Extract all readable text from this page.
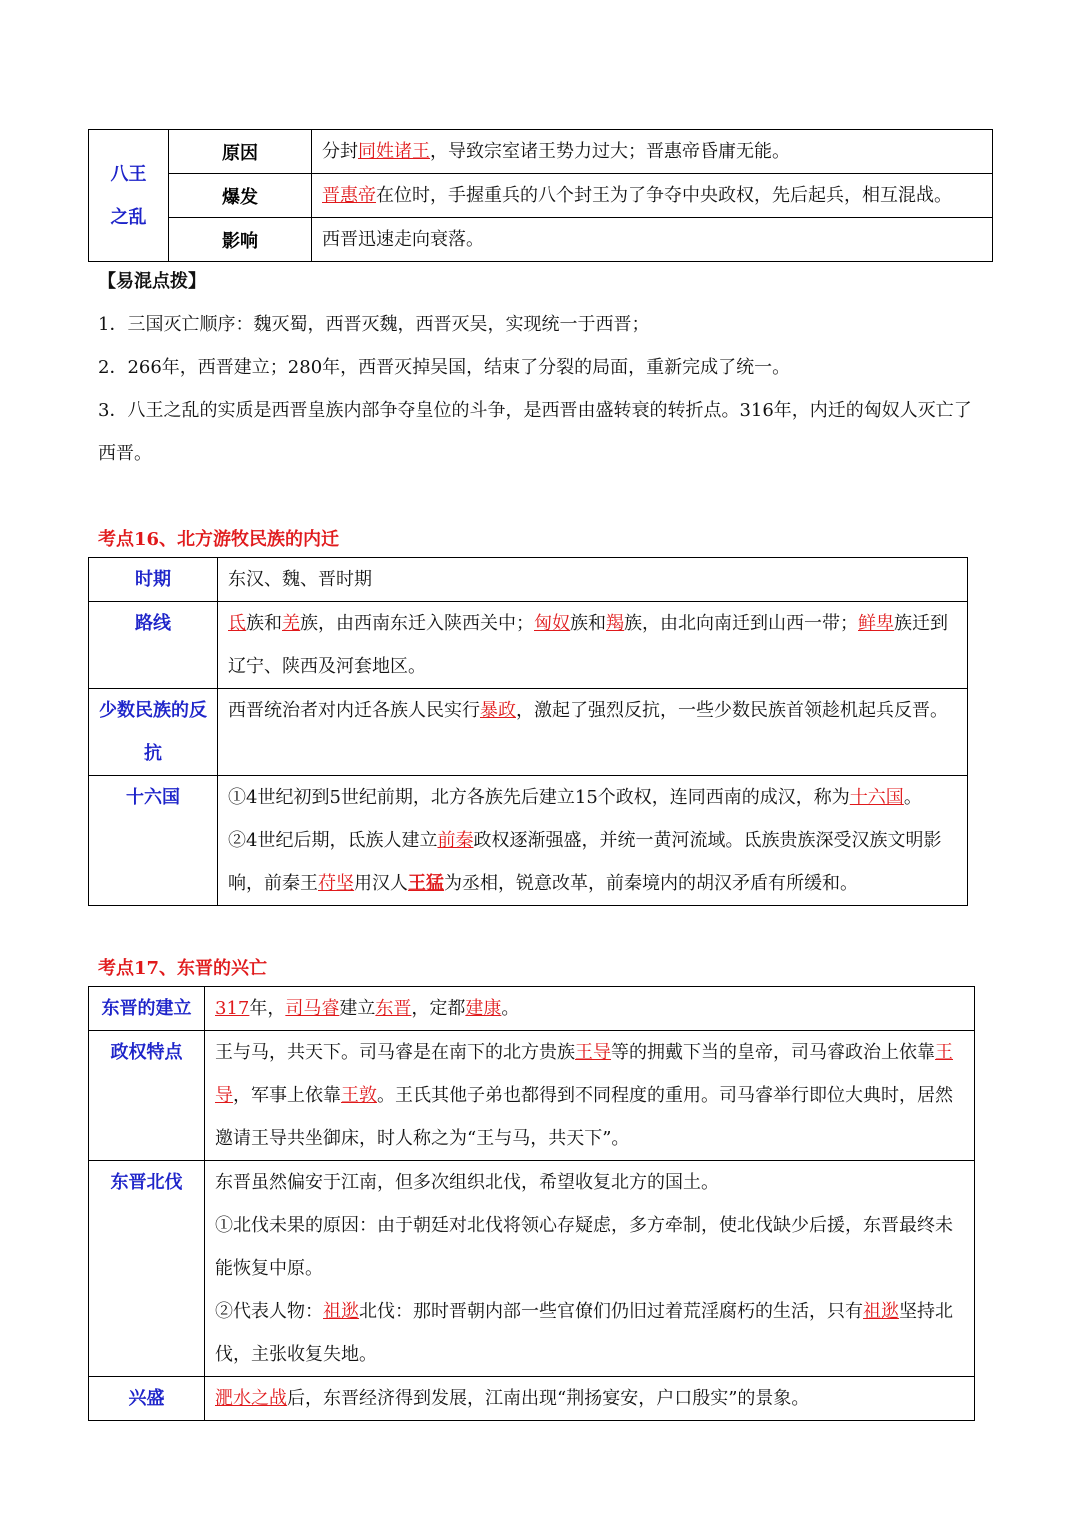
八王
之乱	原因	分封同姓诸王，导致宗室诸王势力过大；晋惠帝昏庸无能。
	爆发	晋惠帝在位时，手握重兵的八个封王为了争夺中央政权，先后起兵，相互混战。
	影响	西晋迅速走向衰落。
【易混点拨】
1．三国灭亡顺序：魏灭蜀，西晋灭魏，西晋灭吴，实现统一于西晋；
2．266年，西晋建立；280年，西晋灭掉吴国，结束了分裂的局面，重新完成了统一。
3．八王之乱的实质是西晋皇族内部争夺皇位的斗争，是西晋由盛转衰的转折点。316年，内迁的匈奴人灭亡了西晋。
考点16、北方游牧民族的内迁
时期	东汉、魏、晋时期

路线	氐族和羌族，由西南东迁入陕西关中；匈奴族和羯族，由北向南迁到山西一带；鲜卑族迁到辽宁、陕西及河套地区。

少数民族的反抗	西晋统治者对内迁各族人民实行暴政，激起了强烈反抗，一些少数民族首领趁机起兵反晋。

十六国	①4世纪初到5世纪前期，北方各族先后建立15个政权，连同西南的成汉，称为十六国。
②4世纪后期，氐族人建立前秦政权逐渐强盛，并统一黄河流域。氐族贵族深受汉族文明影响，前秦王苻坚用汉人王猛为丞相，锐意改革，前秦境内的胡汉矛盾有所缓和。
考点17、东晋的兴亡
东晋的建立	317年，司马睿建立东晋，定都建康。

政权特点	王与马，共天下。司马睿是在南下的北方贵族王导等的拥戴下当的皇帝，司马睿政治上依靠王导，军事上依靠王敦。王氏其他子弟也都得到不同程度的重用。司马睿举行即位大典时，居然邀请王导共坐御床，时人称之为“王与马，共天下”。

东晋北伐	东晋虽然偏安于江南，但多次组织北伐，希望收复北方的国土。
①北伐未果的原因：由于朝廷对北伐将领心存疑虑，多方牵制，使北伐缺少后援，东晋最终未能恢复中原。
②代表人物：祖逖北伐：那时晋朝内部一些官僚们仍旧过着荒淫腐朽的生活，只有祖逖坚持北伐，主张收复失地。

兴盛	淝水之战后，东晋经济得到发展，江南出现“荆扬宴安，户口殷实”的景象。
